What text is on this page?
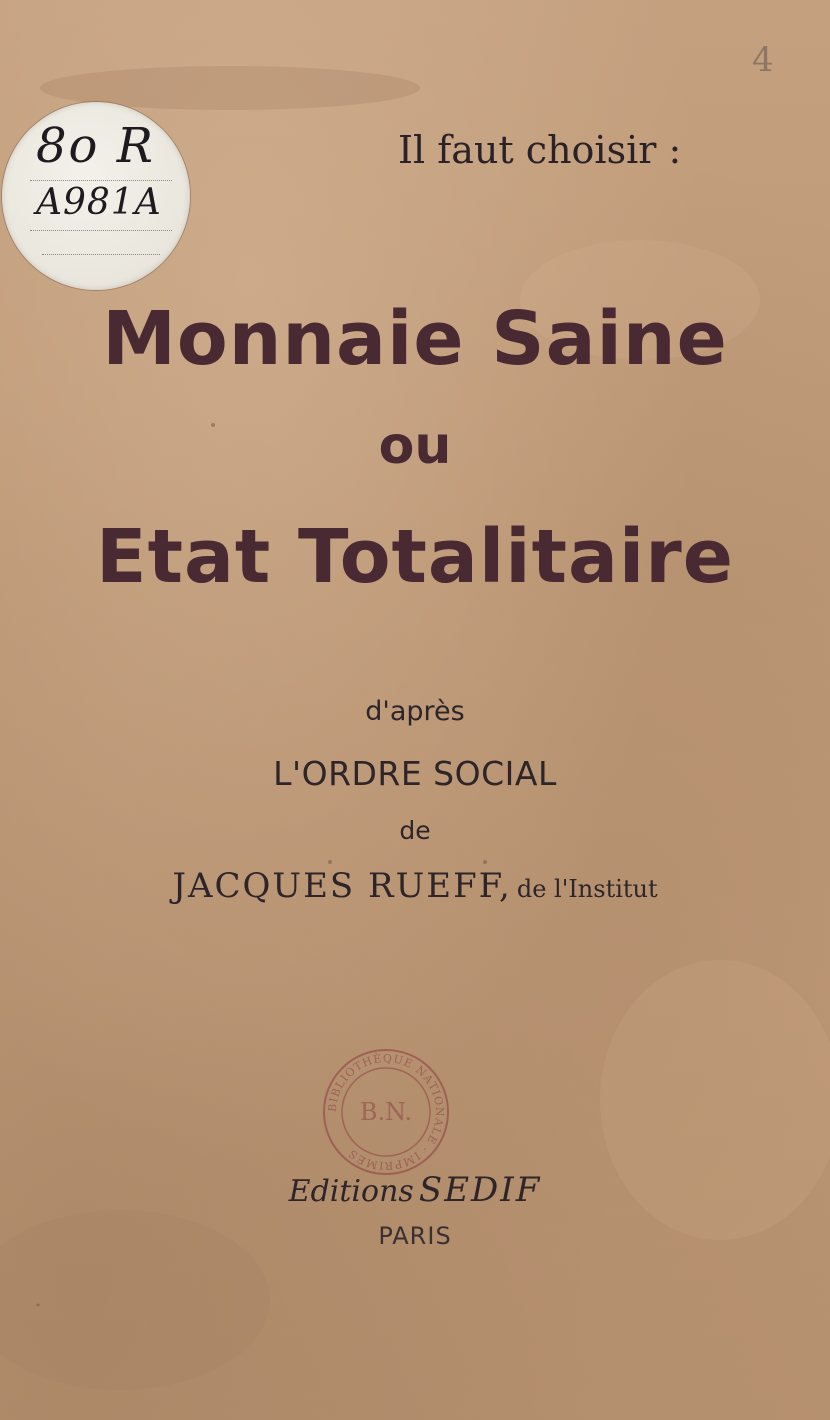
8o R
A981A
4
Il faut choisir :
Monnaie Saine
ou
Etat Totalitaire
d'après
L'ORDRE SOCIAL
de
JACQUES RUEFF, de l'Institut
BIBLIOTHÈQUE NATIONALE · IMPRIMÉS
B.N.
Editions SEDIF
PARIS
